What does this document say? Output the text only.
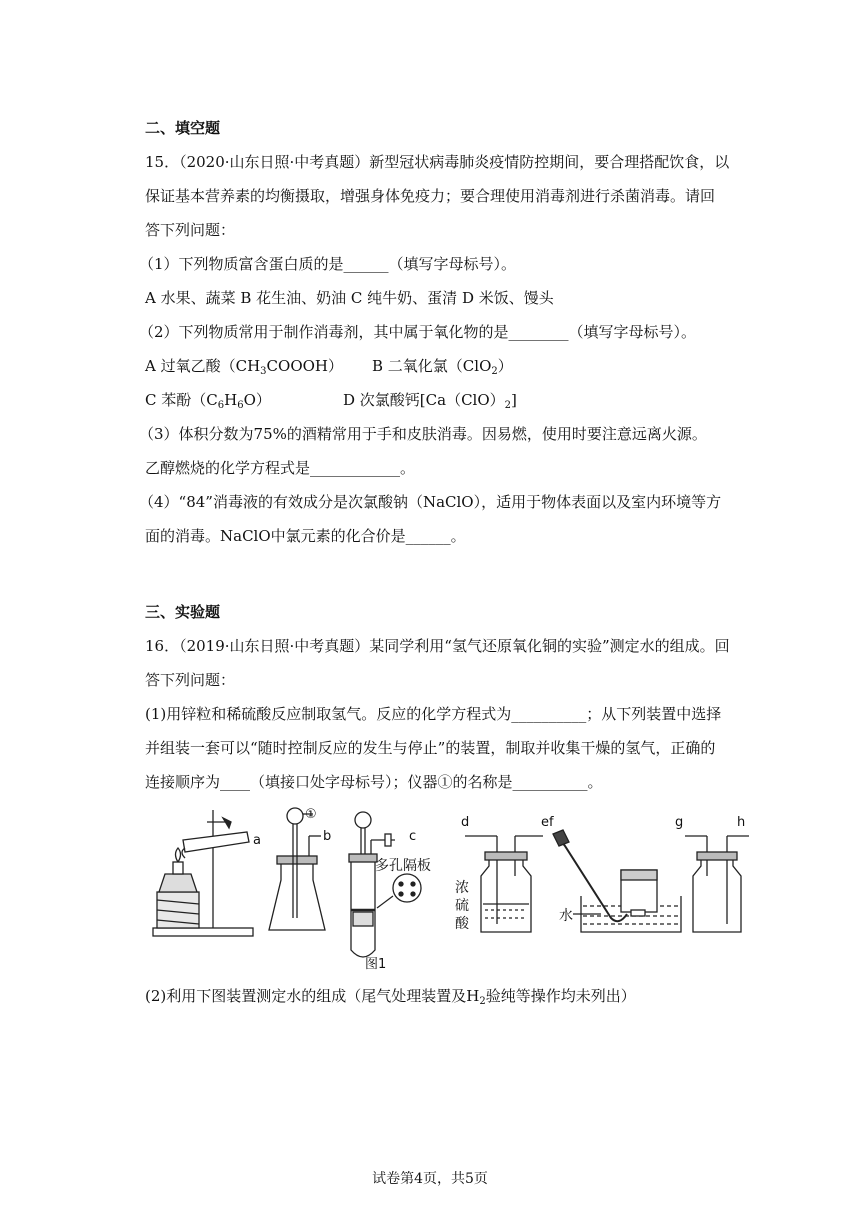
二、填空题
15．（2020·山东日照·中考真题）新型冠状病毒肺炎疫情防控期间，要合理搭配饮食，以
保证基本营养素的均衡摄取，增强身体免疫力；要合理使用消毒剂进行杀菌消毒。请回
答下列问题：
（1）下列物质富含蛋白质的是______（填写字母标号）。
A 水果、蔬菜 B 花生油、奶油 C 纯牛奶、蛋清 D 米饭、馒头
（2）下列物质常用于制作消毒剂，其中属于氧化物的是________（填写字母标号）。
A 过氧乙酸$(CH_3COOOH)$ B 二氧化氯（ClO$_2$）
C 苯酚$(C_6H_6O)$	D 次氯酸钙$[Ca(ClO)_2]$
（3）体积分数为75%的酒精常用于手和皮肤消毒。因易燃，使用时要注意远离火源。
乙醇燃烧的化学方程式是____________。
（4）“84”消毒液的有效成分是次氯酸钠（NaClO），适用于物体表面以及室内环境等方
面的消毒。NaClO中氯元素的化合价是______。
三、实验题
16．（2019·山东日照·中考真题）某同学利用“氢气还原氧化铜的实验”测定水的组成。回
答下列问题：
(1)用锌粒和稀硫酸反应制取氢气。反应的化学方程式为__________；从下列装置中选择
并组装一套可以“随时控制反应的发生与停止”的装置，制取并收集干燥的氢气，正确的
连接顺序为____（填接口处字母标号）；仪器①的名称是__________。
a
①
b	c
多孔隔板
d	e
浓
硫
酸
f
水
g	h
图1
(2)利用下图装置测定水的组成（尾气处理装置及$H_2$验纯等操作均未列出）
试卷第4页，共5页
